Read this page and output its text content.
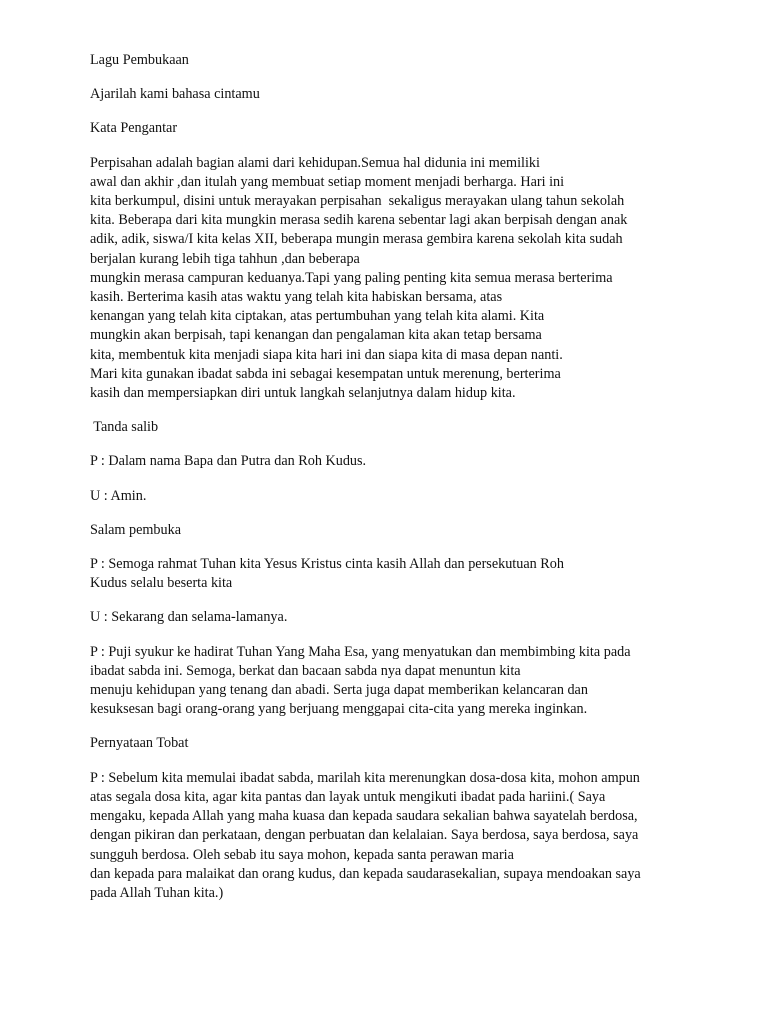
Lagu Pembukaan
Ajarilah kami bahasa cintamu
Kata Pengantar
Perpisahan adalah bagian alami dari kehidupan.Semua hal didunia ini memiliki
awal dan akhir ,dan itulah yang membuat setiap moment menjadi berharga. Hari ini
kita berkumpul, disini untuk merayakan perpisahan  sekaligus merayakan ulang tahun sekolah
kita. Beberapa dari kita mungkin merasa sedih karena sebentar lagi akan berpisah dengan anak
adik, adik, siswa/I kita kelas XII, beberapa mungin merasa gembira karena sekolah kita sudah
berjalan kurang lebih tiga tahhun ,dan beberapa
mungkin merasa campuran keduanya.Tapi yang paling penting kita semua merasa berterima
kasih. Berterima kasih atas waktu yang telah kita habiskan bersama, atas
kenangan yang telah kita ciptakan, atas pertumbuhan yang telah kita alami. Kita
mungkin akan berpisah, tapi kenangan dan pengalaman kita akan tetap bersama
kita, membentuk kita menjadi siapa kita hari ini dan siapa kita di masa depan nanti.
Mari kita gunakan ibadat sabda ini sebagai kesempatan untuk merenung, berterima
kasih dan mempersiapkan diri untuk langkah selanjutnya dalam hidup kita.
Tanda salib
P : Dalam nama Bapa dan Putra dan Roh Kudus.
U : Amin.
Salam pembuka
P : Semoga rahmat Tuhan kita Yesus Kristus cinta kasih Allah dan persekutuan Roh
Kudus selalu beserta kita
U : Sekarang dan selama-lamanya.
P : Puji syukur ke hadirat Tuhan Yang Maha Esa, yang menyatukan dan membimbing kita pada
ibadat sabda ini. Semoga, berkat dan bacaan sabda nya dapat menuntun kita
menuju kehidupan yang tenang dan abadi. Serta juga dapat memberikan kelancaran dan
kesuksesan bagi orang-orang yang berjuang menggapai cita-cita yang mereka inginkan.
Pernyataan Tobat
P : Sebelum kita memulai ibadat sabda, marilah kita merenungkan dosa-dosa kita, mohon ampun
atas segala dosa kita, agar kita pantas dan layak untuk mengikuti ibadat pada hariini.( Saya
mengaku, kepada Allah yang maha kuasa dan kepada saudara sekalian bahwa sayatelah berdosa,
dengan pikiran dan perkataan, dengan perbuatan dan kelalaian. Saya berdosa, saya berdosa, saya
sungguh berdosa. Oleh sebab itu saya mohon, kepada santa perawan maria
dan kepada para malaikat dan orang kudus, dan kepada saudarasekalian, supaya mendoakan saya
pada Allah Tuhan kita.)
